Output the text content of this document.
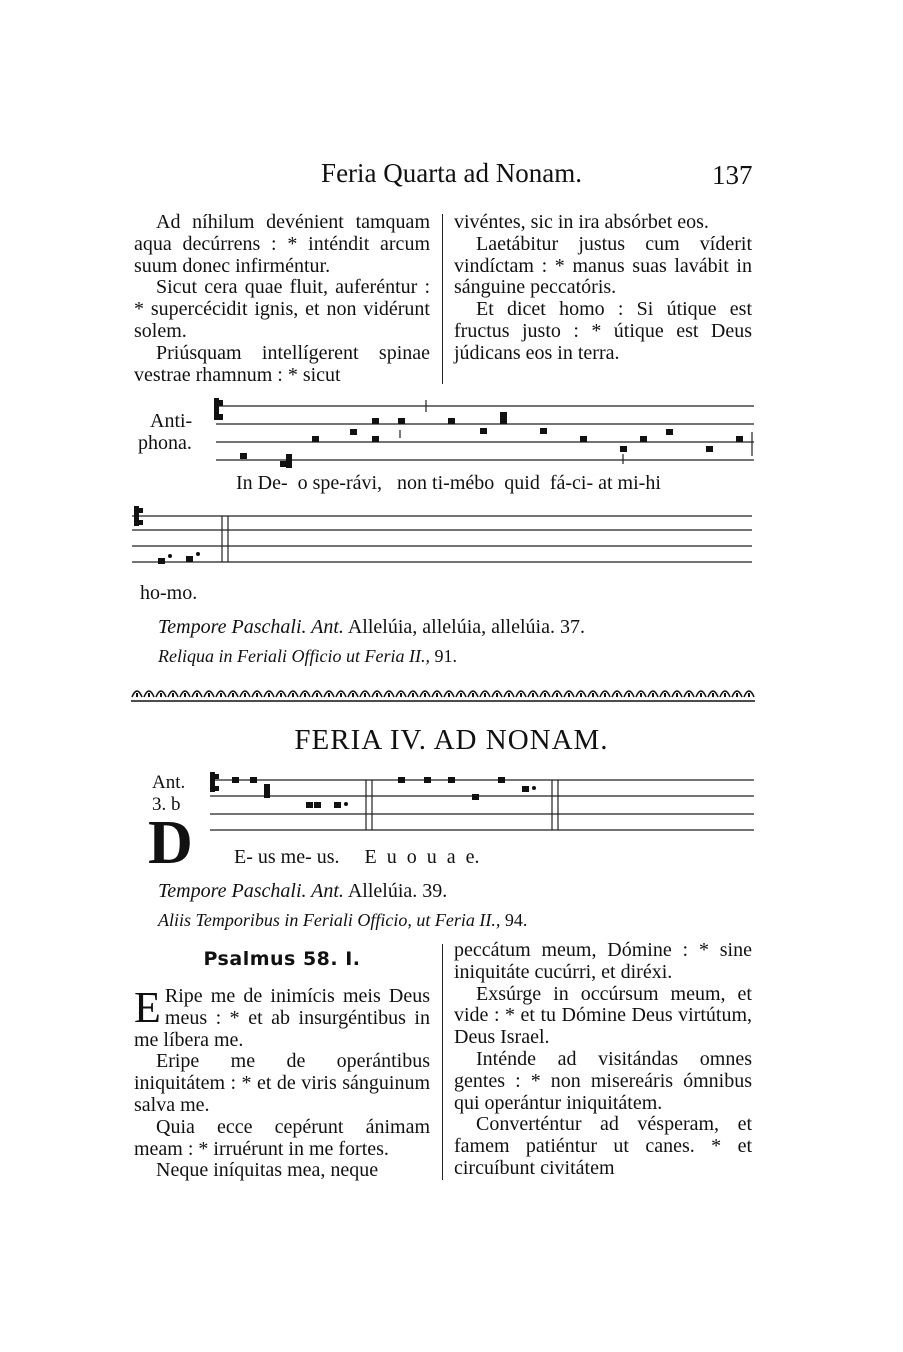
Feria Quarta ad Nonam.	137

Ad níhilum devénient tamquam aqua decúrrens : * inténdit arcum suum donec infirméntur.

Sicut cera quae fluit, auferéntur : * supercécidit ignis, et non vidérunt solem.

Priúsquam intellígerent spinae vestrae rhamnum : * sicut

vivéntes, sic in ira absórbet eos.

Laetábitur justus cum víderit vindíctam : * manus suas lavábit in sánguine peccatóris.

Et dicet homo : Si útique est fructus justo : * útique est Deus júdicans eos in terra.

Anti-
phona.
In De-  o spe-rávi,   non ti-mébo  quid  fá-ci- at mi-hi
ho-mo.
Tempore Paschali. Ant. Allelúia, allelúia, allelúia. 37.
Reliqua in Feriali Officio ut Feria II., 91.
FERIA IV. AD NONAM.
Ant.
3. b
D E- us me- us.     E  u  o  u  a  e.
Tempore Paschali. Ant. Allelúia. 39.
Aliis Temporibus in Feriali Officio, ut Feria II., 94.
Psalmus 58. I.

E Ripe me de inimícis meis Deus meus : * et ab insurgéntibus in me líbera me.

Eripe me de operántibus iniquitátem : * et de viris sánguinum salva me.

Quia ecce cepérunt ánimam meam : * irruérunt in me fortes.

Neque iníquitas mea, neque

peccátum meum, Dómine : * sine iniquitáte cucúrri, et diréxi.

Exsúrge in occúrsum meum, et vide : * et tu Dómine Deus virtútum, Deus Israel.

Inténde ad visitándas omnes gentes : * non misereáris ómnibus qui operántur iniquitátem.

Converténtur ad vésperam, et famem patiéntur ut canes. * et circuíbunt civitátem
